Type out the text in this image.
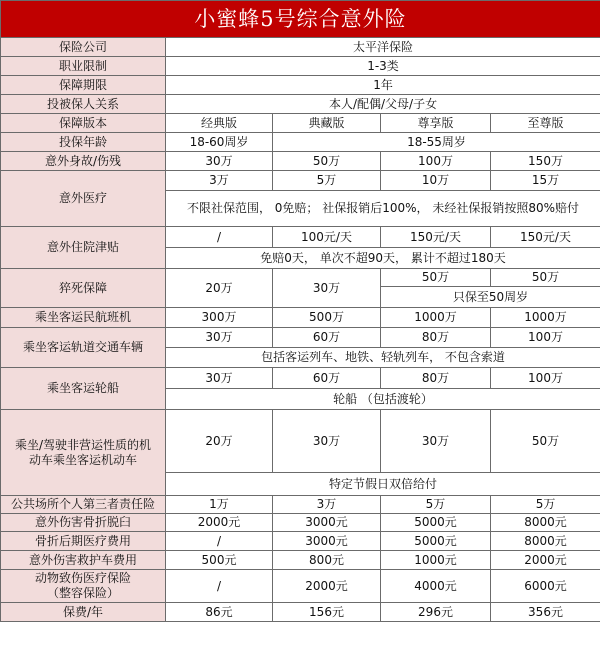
小蜜蜂5号综合意外险				
保险公司	太平洋保险			
职业限制	1-3类			
保障期限	1年			
投被保人关系	本人/配偶/父母/子女			
保障版本	经典版	典藏版	尊享版	至尊版
投保年龄	18-60周岁	18-55周岁		
意外身故/伤残	30万	50万	100万	150万
意外医疗	3万	5万	10万	15万
	不限社保范围， 0免赔； 社保报销后100%， 未经社保报销按照80%赔付			
意外住院津贴	/	100元/天	150元/天	150元/天
	免赔0天， 单次不超90天， 累计不超过180天			
猝死保障	20万	30万	50万	50万
			只保至50周岁	
乘坐客运民航班机	300万	500万	1000万	1000万
乘坐客运轨道交通车辆	30万	60万	80万	100万
	包括客运列车、地铁、轻轨列车， 不包含索道			
乘坐客运轮船	30万	60万	80万	100万
	轮船 （包括渡轮）			
乘坐/驾驶非营运性质的机
动车乘坐客运机动车	20万	30万	30万	50万
	特定节假日双倍给付			
公共场所个人第三者责任险	1万	3万	5万	5万
意外伤害骨折脱臼	2000元	3000元	5000元	8000元
骨折后期医疗费用	/	3000元	5000元	8000元
意外伤害救护车费用	500元	800元	1000元	2000元
动物致伤医疗保险
（整容保险）	/	2000元	4000元	6000元
保费/年	86元	156元	296元	356元
